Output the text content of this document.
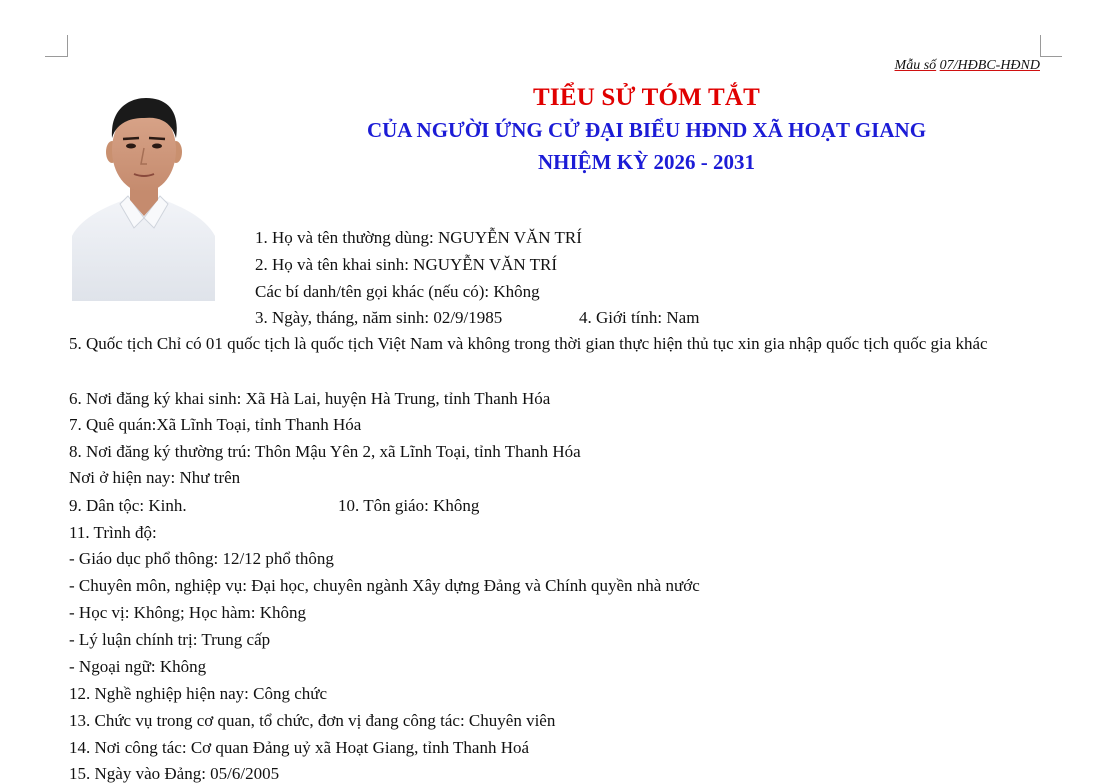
Mẫu số 07/HĐBC-HĐND
TIỂU SỬ TÓM TẮT
CỦA NGƯỜI ỨNG CỬ ĐẠI BIỂU HĐND XÃ HOẠT GIANG
NHIỆM KỲ 2026 - 2031
1. Họ và tên thường dùng: NGUYỄN VĂN TRÍ
2. Họ và tên khai sinh: NGUYỄN VĂN TRÍ
Các bí danh/tên gọi khác (nếu có): Không
3. Ngày, tháng, năm sinh: 02/9/1985	4. Giới tính: Nam
5. Quốc tịch Chỉ có 01 quốc tịch là quốc tịch Việt Nam và không trong thời gian thực hiện thủ tục xin gia nhập quốc tịch quốc gia khác
6. Nơi đăng ký khai sinh: Xã Hà Lai, huyện Hà Trung, tỉnh Thanh Hóa
7. Quê quán:Xã Lĩnh Toại, tỉnh Thanh Hóa
8. Nơi đăng ký thường trú: Thôn Mậu Yên 2, xã Lĩnh Toại, tỉnh Thanh Hóa
Nơi ở hiện nay: Như trên
9. Dân tộc: Kinh.	10. Tôn giáo: Không
11. Trình độ:
- Giáo dục phổ thông: 12/12 phổ thông
- Chuyên môn, nghiệp vụ: Đại học, chuyên ngành Xây dựng Đảng và Chính quyền nhà nước
- Học vị: Không; Học hàm: Không
- Lý luận chính trị: Trung cấp
- Ngoại ngữ: Không
12. Nghề nghiệp hiện nay: Công chức
13. Chức vụ trong cơ quan, tổ chức, đơn vị đang công tác: Chuyên viên
14. Nơi công tác: Cơ quan Đảng uỷ xã Hoạt Giang, tỉnh Thanh Hoá
15. Ngày vào Đảng: 05/6/2005
